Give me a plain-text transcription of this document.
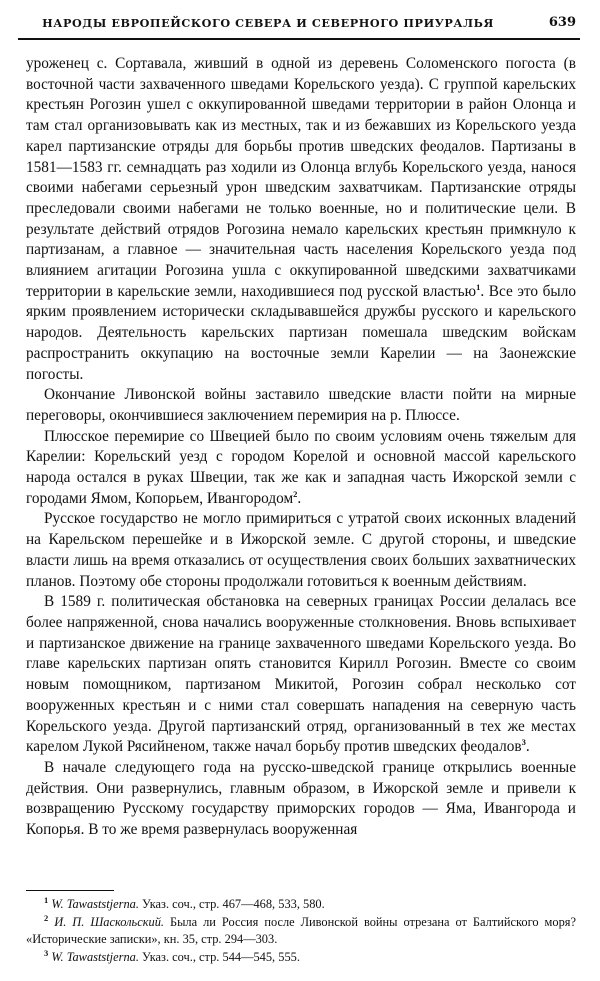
НАРОДЫ ЕВРОПЕЙСКОГО СЕВЕРА И СЕВЕРНОГО ПРИУРАЛЬЯ	639

уроженец с. Сортавала, живший в одной из деревень Соломенского погоста (в восточной части захваченного шведами Корельского уезда). С группой карельских крестьян Рогозин ушел с оккупированной шведами территории в район Олонца и там стал организовывать как из местных, так и из бежавших из Корельского уезда карел партизанские отряды для борьбы против шведских феодалов. Партизаны в 1581—1583 гг. семнадцать раз ходили из Олонца вглубь Корельского уезда, нанося своими набегами серьезный урон шведским захватчикам. Партизанские отряды преследовали своими набегами не только военные, но и политические цели. В результате действий отрядов Рогозина немало карельских крестьян примкнуло к партизанам, а главное — значительная часть населения Корельского уезда под влиянием агитации Рогозина ушла с оккупированной шведскими захватчиками территории в карельские земли, находившиеся под русской властью$^1$. Все это было ярким проявлением исторически складывавшейся дружбы русского и карельского народов. Деятельность карельских партизан помешала шведским войскам распространить оккупацию на восточные земли Карелии — на Заонежские погосты.

Окончание Ливонской войны заставило шведские власти пойти на мирные переговоры, окончившиеся заключением перемирия на р. Плюссе.

Плюсское перемирие со Швецией было по своим условиям очень тяжелым для Карелии: Корельский уезд с городом Корелой и основной массой карельского народа остался в руках Швеции, так же как и западная часть Ижорской земли с городами Ямом, Копорьем, Ивангородом$^2$.

Русское государство не могло примириться с утратой своих исконных владений на Карельском перешейке и в Ижорской земле. С другой стороны, и шведские власти лишь на время отказались от осуществления своих больших захватнических планов. Поэтому обе стороны продолжали готовиться к военным действиям.

В 1589 г. политическая обстановка на северных границах России делалась все более напряженной, снова начались вооруженные столкновения. Вновь вспыхивает и партизанское движение на границе захваченного шведами Корельского уезда. Во главе карельских партизан опять становится Кирилл Рогозин. Вместе со своим новым помощником, партизаном Микитой, Рогозин собрал несколько сот вооруженных крестьян и с ними стал совершать нападения на северную часть Корельского уезда. Другой партизанский отряд, организованный в тех же местах карелом Лукой Рясийненом, также начал борьбу против шведских феодалов$^3$.

В начале следующего года на русско-шведской границе открылись военные действия. Они развернулись, главным образом, в Ижорской земле и привели к возвращению Русскому государству приморских городов — Яма, Ивангорода и Копорья. В то же время развернулась вооруженная

$^1$ W. Tawaststjerna. Указ. соч., стр. 467—468, 533, 580.

$^2$ И. П. Шаскольский. Была ли Россия после Ливонской войны отрезана от Балтийского моря? «Исторические записки», кн. 35, стр. 294—303.

$^3$ W. Tawaststjerna. Указ. соч., стр. 544—545, 555.
